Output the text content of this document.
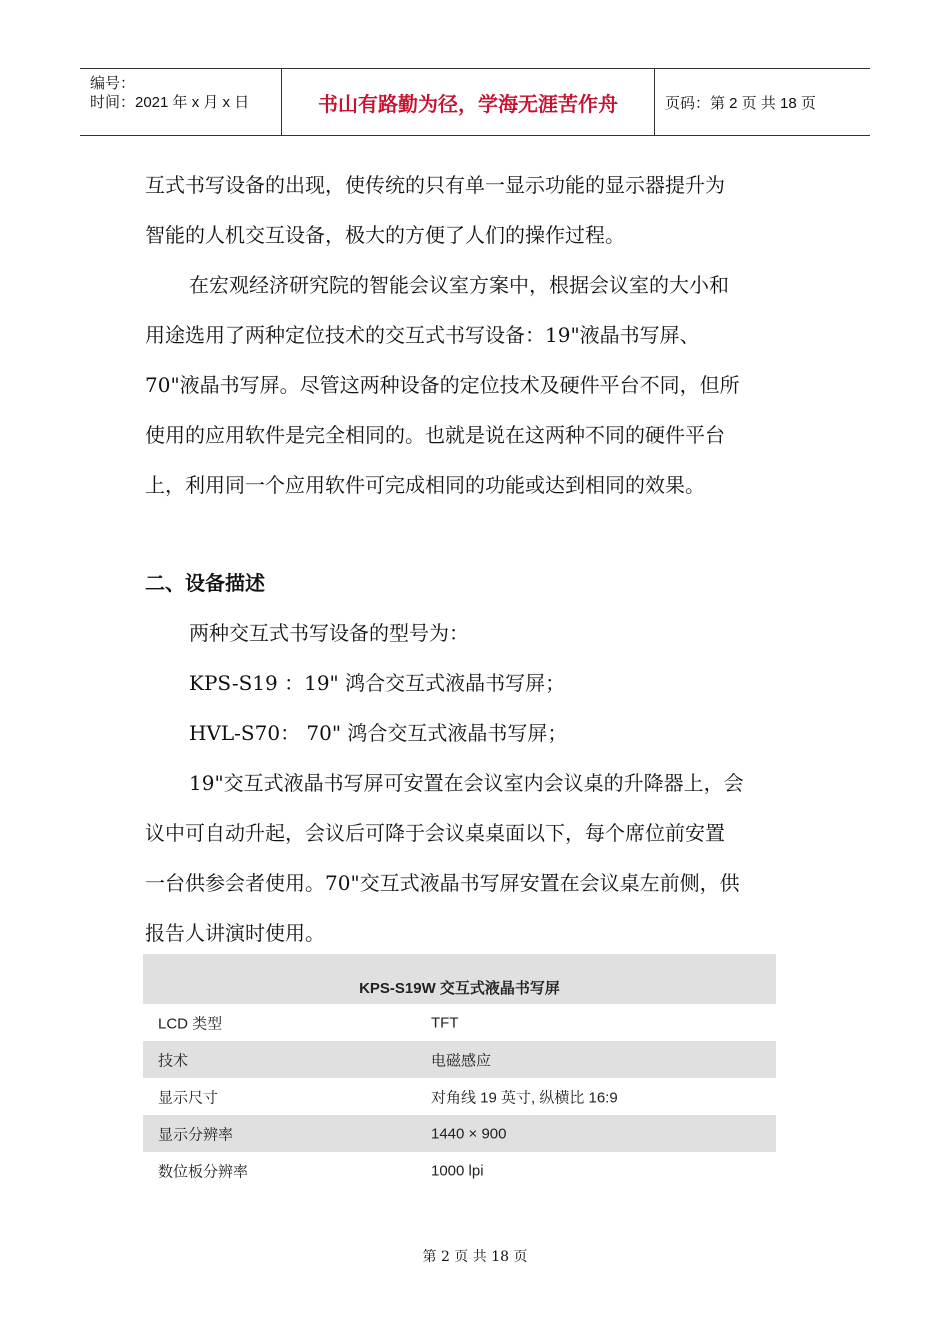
编号：
时间：2021 年 x 月 x 日	书山有路勤为径，学海无涯苦作舟	页码：第 2 页 共 18 页

互式书写设备的出现，使传统的只有单一显示功能的显示器提升为

智能的人机交互设备，极大的方便了人们的操作过程。

在宏观经济研究院的智能会议室方案中，根据会议室的大小和

用途选用了两种定位技术的交互式书写设备：19"液晶书写屏、

70"液晶书写屏。尽管这两种设备的定位技术及硬件平台不同，但所

使用的应用软件是完全相同的。也就是说在这两种不同的硬件平台

上，利用同一个应用软件可完成相同的功能或达到相同的效果。

二、设备描述

两种交互式书写设备的型号为：

KPS-S19 ：19" 鸿合交互式液晶书写屏；

HVL-S70： 70" 鸿合交互式液晶书写屏；

19"交互式液晶书写屏可安置在会议室内会议桌的升降器上，会

议中可自动升起，会议后可降于会议桌桌面以下，每个席位前安置

一台供参会者使用。70"交互式液晶书写屏安置在会议桌左前侧，供

报告人讲演时使用。

KPS-S19W 交互式液晶书写屏
LCD 类型	TFT
技术	电磁感应
显示尺寸	对角线 19 英寸, 纵横比 16:9
显示分辨率	1440 × 900
数位板分辨率	1000 lpi
第 2 页 共 18 页
